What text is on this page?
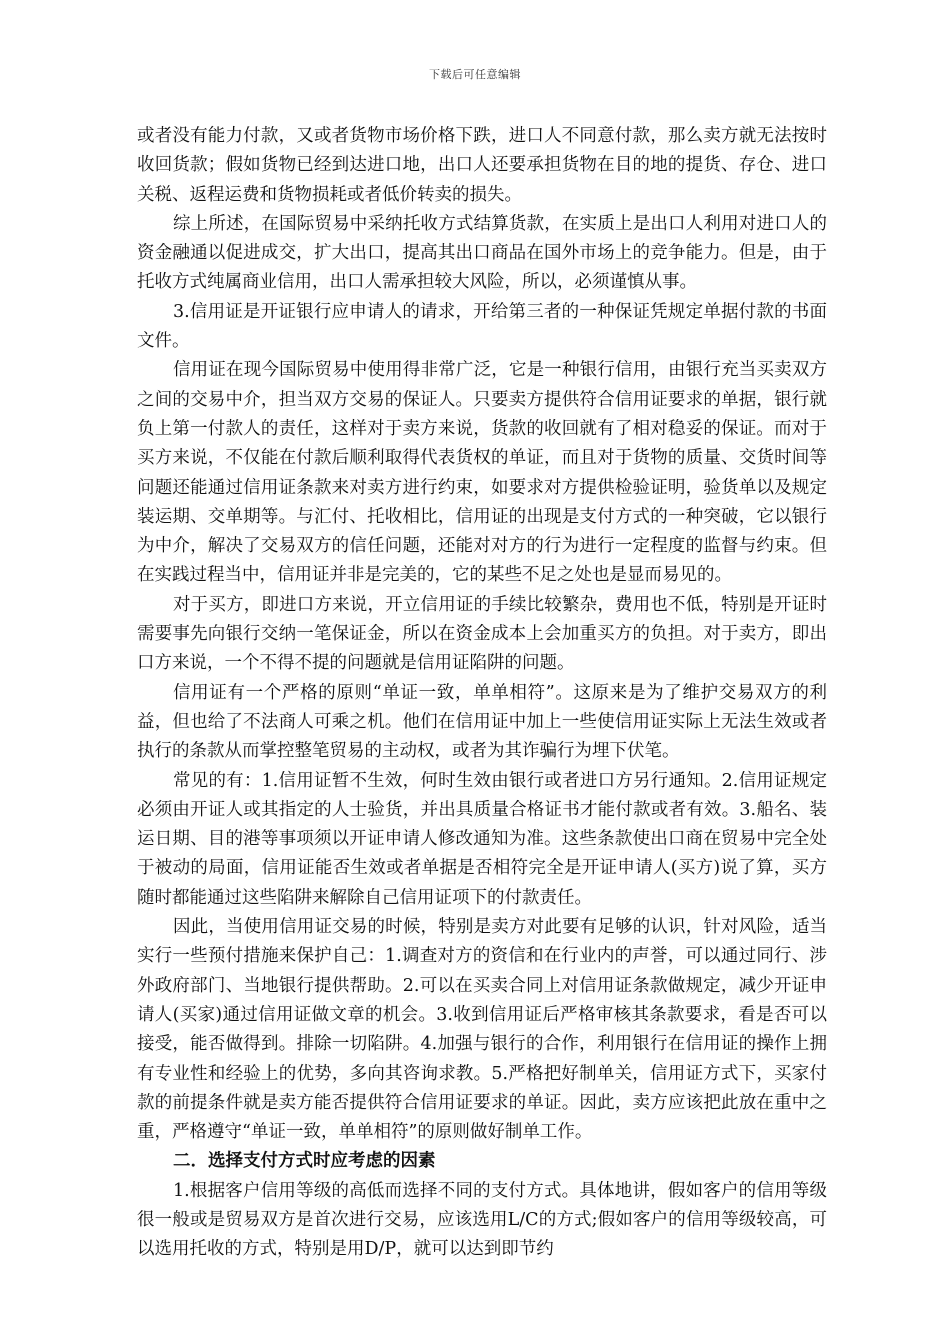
下载后可任意编辑

或者没有能力付款，又或者货物市场价格下跌，进口人不同意付款，那么卖方就无法按时收回货款；假如货物已经到达进口地，出口人还要承担货物在目的地的提货、存仓、进口关税、返程运费和货物损耗或者低价转卖的损失。

综上所述，在国际贸易中采纳托收方式结算货款，在实质上是出口人利用对进口人的资金融通以促进成交，扩大出口，提高其出口商品在国外市场上的竞争能力。但是，由于托收方式纯属商业信用，出口人需承担较大风险，所以，必须谨慎从事。

3.信用证是开证银行应申请人的请求，开给第三者的一种保证凭规定单据付款的书面文件。

信用证在现今国际贸易中使用得非常广泛，它是一种银行信用，由银行充当买卖双方之间的交易中介，担当双方交易的保证人。只要卖方提供符合信用证要求的单据，银行就负上第一付款人的责任，这样对于卖方来说，货款的收回就有了相对稳妥的保证。而对于买方来说，不仅能在付款后顺利取得代表货权的单证，而且对于货物的质量、交货时间等问题还能通过信用证条款来对卖方进行约束，如要求对方提供检验证明，验货单以及规定装运期、交单期等。与汇付、托收相比，信用证的出现是支付方式的一种突破，它以银行为中介，解决了交易双方的信任问题，还能对对方的行为进行一定程度的监督与约束。但在实践过程当中，信用证并非是完美的，它的某些不足之处也是显而易见的。

对于买方，即进口方来说，开立信用证的手续比较繁杂，费用也不低，特别是开证时需要事先向银行交纳一笔保证金，所以在资金成本上会加重买方的负担。对于卖方，即出口方来说，一个不得不提的问题就是信用证陷阱的问题。

信用证有一个严格的原则“单证一致，单单相符”。这原来是为了维护交易双方的利益，但也给了不法商人可乘之机。他们在信用证中加上一些使信用证实际上无法生效或者执行的条款从而掌控整笔贸易的主动权，或者为其诈骗行为埋下伏笔。

常见的有：1.信用证暂不生效，何时生效由银行或者进口方另行通知。2.信用证规定必须由开证人或其指定的人士验货，并出具质量合格证书才能付款或者有效。3.船名、装运日期、目的港等事项须以开证申请人修改通知为准。这些条款使出口商在贸易中完全处于被动的局面，信用证能否生效或者单据是否相符完全是开证申请人(买方)说了算，买方随时都能通过这些陷阱来解除自己信用证项下的付款责任。

因此，当使用信用证交易的时候，特别是卖方对此要有足够的认识，针对风险，适当实行一些预付措施来保护自己：1.调查对方的资信和在行业内的声誉，可以通过同行、涉外政府部门、当地银行提供帮助。2.可以在买卖合同上对信用证条款做规定，减少开证申请人(买家)通过信用证做文章的机会。3.收到信用证后严格审核其条款要求，看是否可以接受，能否做得到。排除一切陷阱。4.加强与银行的合作，利用银行在信用证的操作上拥有专业性和经验上的优势，多向其咨询求教。5.严格把好制单关，信用证方式下，买家付款的前提条件就是卖方能否提供符合信用证要求的单证。因此，卖方应该把此放在重中之重，严格遵守“单证一致，单单相符”的原则做好制单工作。

二．选择支付方式时应考虑的因素

1.根据客户信用等级的高低而选择不同的支付方式。具体地讲，假如客户的信用等级很一般或是贸易双方是首次进行交易，应该选用L/C的方式;假如客户的信用等级较高，可以选用托收的方式，特别是用D/P，就可以达到即节约
